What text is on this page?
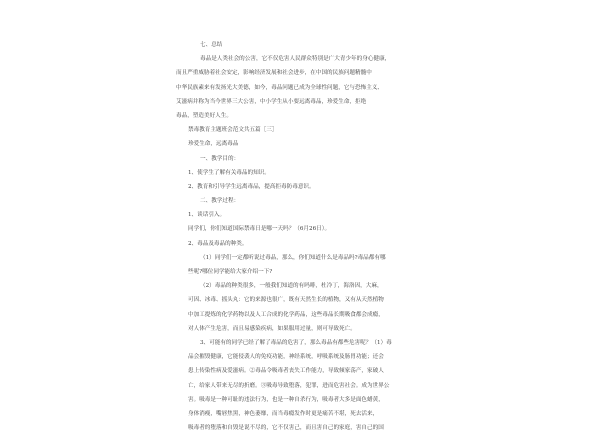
七、总结
毒品是人类社会的公害，它不仅危害人民群众特别是广大青少年的身心健康，
而且严重威胁着社会安定，影响经济发展和社会进步，在中国的民族问题精髓中
中华民族素来有发扬光大美德，如今，毒品问题已成为全球性问题，它与恐怖主义、
艾滋病并称为当今世界三大公害，中小学生从小要远离毒品，珍爱生命，拒绝
毒品，塑造美好人生。
禁毒教育主题班会范文共五篇［三］
珍爱生命，远离毒品
一、教学目的：
1、使学生了解有关毒品的知识。
2、教育和引导学生远离毒品，提高拒毒防毒意识。
二、教学过程：
1、谈话引入。
同学们，你们知道国际禁毒日是哪一天吗？（6月26日）。
2、毒品及毒品的种类。
（1）同学们一定都听说过毒品，那么，你们知道什么是毒品吗?毒品都有哪
些呢?哪位同学能给大家介绍一下?
（2）毒品的种类很多，一般我们知道的有吗啡，杜冷丁，海洛因，大麻，
可因、冰毒、摇头丸：它的来源也很广，既有天然生长的植物，又有从天然植物
中加工提炼的化学药物以及人工合成的化学药品，这些毒品长期吸食都会成瘾，
对人体产生危害，而且易感染疾病，如果服用过量，则可导致死亡。
3、可能有的同学已经了解了毒品的危害了，那么毒品有都些危害呢？（1）毒
品会摧毁健康，它能侵袭人的免疫功能，神经系统，呼吸系统及肠胃功能；还会
患上传染性病及爱滋病。②毒品令吸毒者丧失工作能力，导致倾家荡产，家破人
亡，给家人带来无尽的折磨。③吸毒导致堕落，犯罪，进而危害社会。成为世界公
害。吸毒是一种可耻的违法行为，也是一种自杀行为，吸毒者大多是面色蜡黄，
身体消瘦，嘴唇焦黑，神色萎靡，而当毒瘾发作时更是痛苦不堪，死去活来，
吸毒者的堕落和自毁是说不尽的，它不仅害己，而且害自己的家庭，害自己的国
